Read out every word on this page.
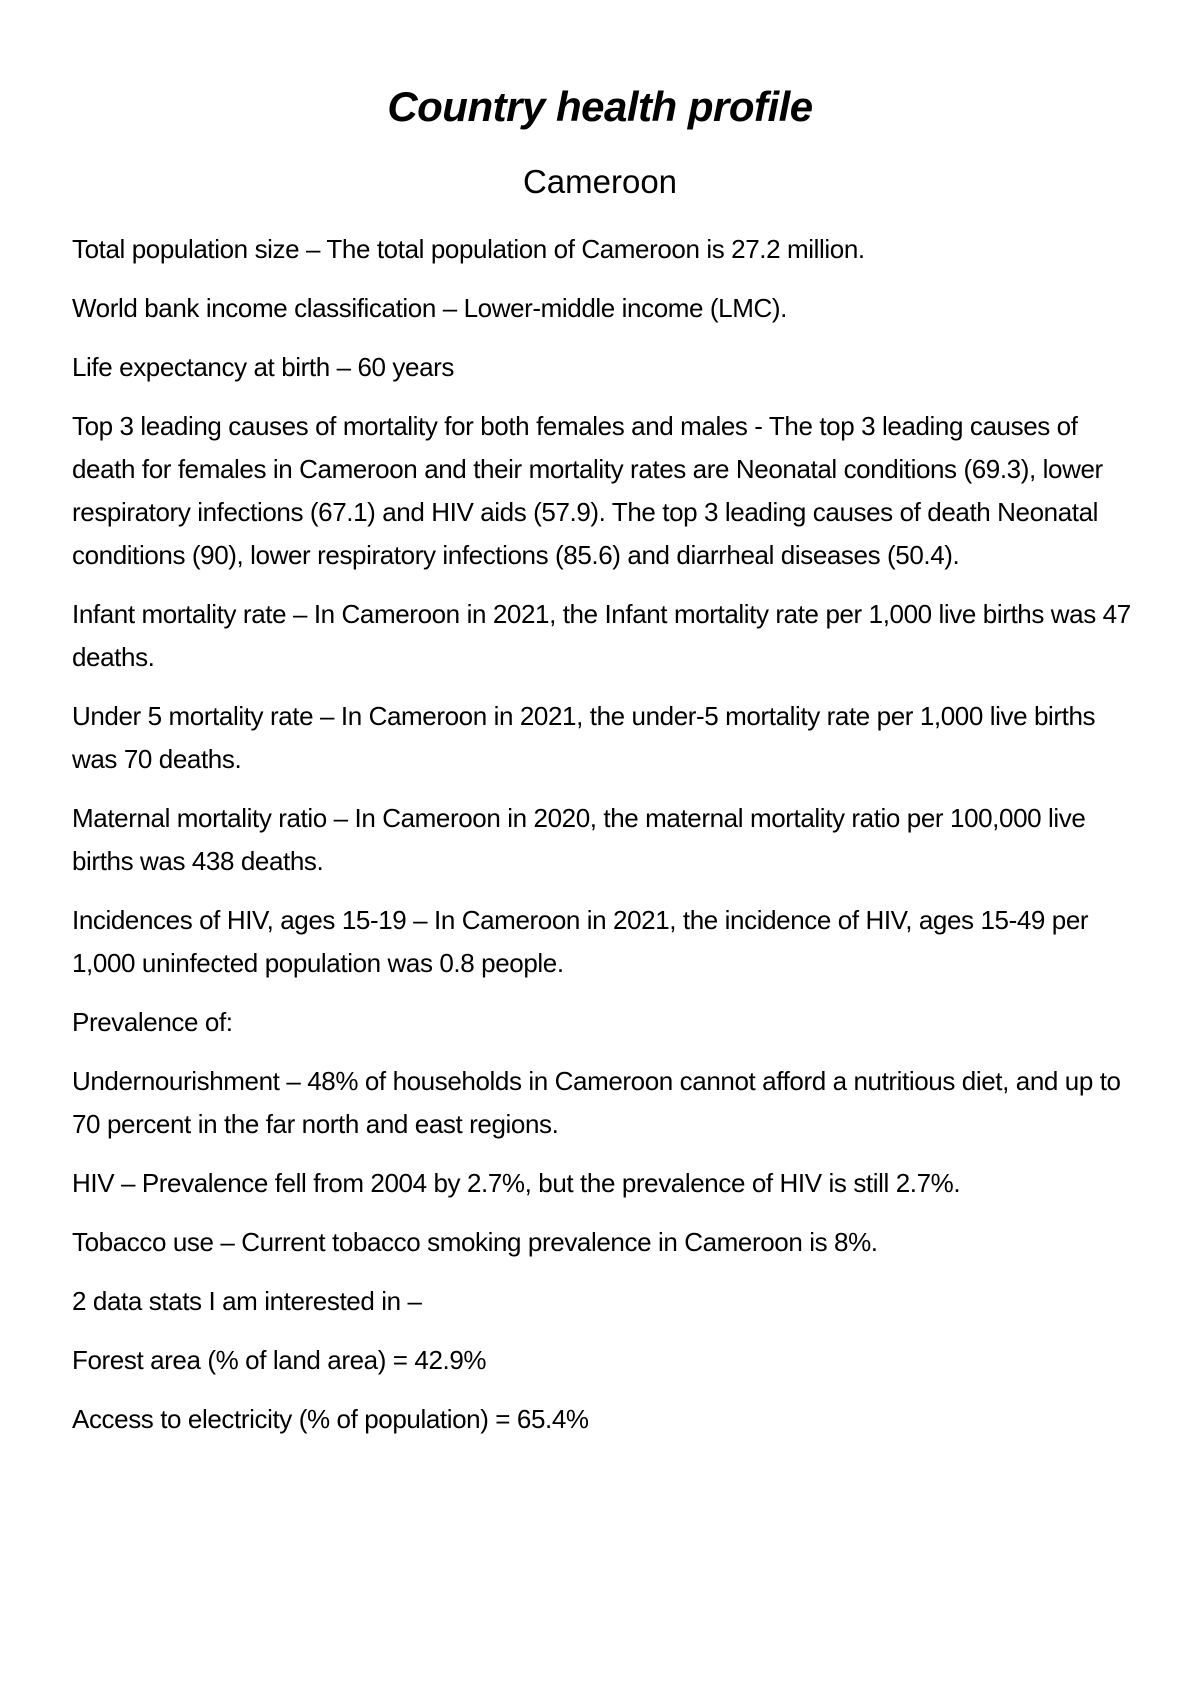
Country health profile
Cameroon

Total population size – The total population of Cameroon is 27.2 million.

World bank income classification – Lower-middle income (LMC).

Life expectancy at birth – 60 years

Top 3 leading causes of mortality for both females and males - The top 3 leading causes of death for females in Cameroon and their mortality rates are Neonatal conditions (69.3), lower respiratory infections (67.1) and HIV aids (57.9). The top 3 leading causes of death Neonatal conditions (90), lower respiratory infections (85.6) and diarrheal diseases (50.4).

Infant mortality rate – In Cameroon in 2021, the Infant mortality rate per 1,000 live births was 47 deaths.

Under 5 mortality rate – In Cameroon in 2021, the under-5 mortality rate per 1,000 live births was 70 deaths.

Maternal mortality ratio – In Cameroon in 2020, the maternal mortality ratio per 100,000 live births was 438 deaths.

Incidences of HIV, ages 15-19 – In Cameroon in 2021, the incidence of HIV, ages 15-49 per 1,000 uninfected population was 0.8 people.

Prevalence of:

Undernourishment – 48% of households in Cameroon cannot afford a nutritious diet, and up to 70 percent in the far north and east regions.

HIV – Prevalence fell from 2004 by 2.7%, but the prevalence of HIV is still 2.7%.

Tobacco use – Current tobacco smoking prevalence in Cameroon is 8%.

2 data stats I am interested in –

Forest area (% of land area) = 42.9%

Access to electricity (% of population) = 65.4%
